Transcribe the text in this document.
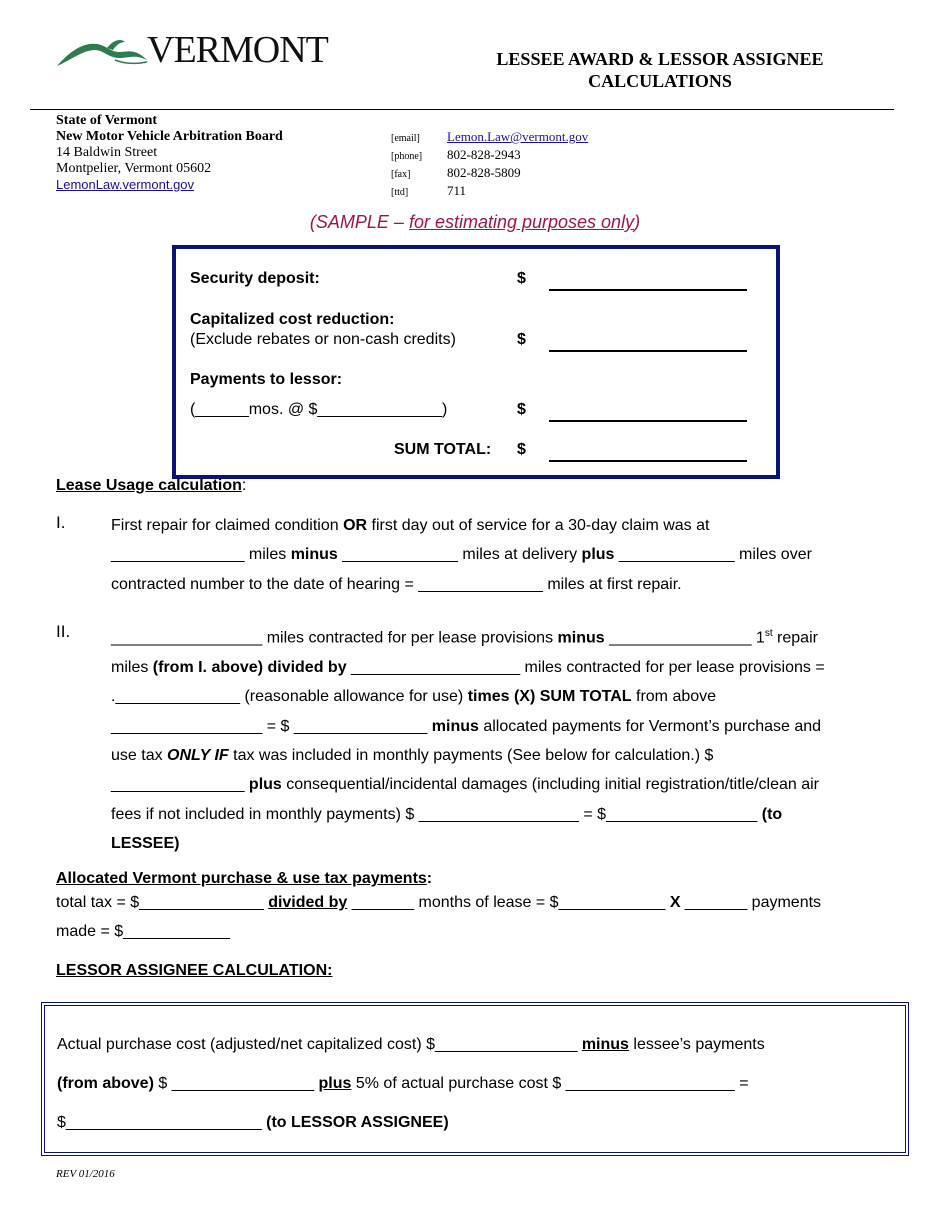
VERMONT	LESSEE AWARD & LESSOR ASSIGNEE
CALCULATIONS
State of Vermont
New Motor Vehicle Arbitration Board
14 Baldwin Street
Montpelier, Vermont 05602
LemonLaw.vermont.gov
[email] Lemon.Law@vermont.gov
[phone] 802-828-2943
[fax]	802-828-5809
[ttd]	711
(SAMPLE – for estimating purposes only)
Security deposit:	$
Capitalized cost reduction:
(Exclude rebates or non-cash credits)	$
Payments to lessor:
(______mos. @ $______________)	$
SUM TOTAL: $
Lease Usage calculation:
I.	First repair for claimed condition OR first day out of service for a 30-day claim was at
_______________ miles minus _____________ miles at delivery plus _____________ miles over
contracted number to the date of hearing = ______________ miles at first repair.
II.	_________________ miles contracted for per lease provisions minus ________________ 1st repair
miles (from I. above) divided by ___________________ miles contracted for per lease provisions =
.______________ (reasonable allowance for use) times (X) SUM TOTAL from above
_________________ = $ _______________ minus allocated payments for Vermont’s purchase and
use tax ONLY IF tax was included in monthly payments (See below for calculation.) $
_______________ plus consequential/incidental damages (including initial registration/title/clean air
fees if not included in monthly payments) $ __________________ = $_________________ (to
LESSEE)
Allocated Vermont purchase & use tax payments:
total tax = $______________ divided by _______ months of lease = $____________ X _______ payments
made = $____________
LESSOR ASSIGNEE CALCULATION:
Actual purchase cost (adjusted/net capitalized cost) $________________ minus lessee’s payments
(from above) $ ________________ plus 5% of actual purchase cost $ ___________________ =
$______________________ (to LESSOR ASSIGNEE)
REV 01/2016
